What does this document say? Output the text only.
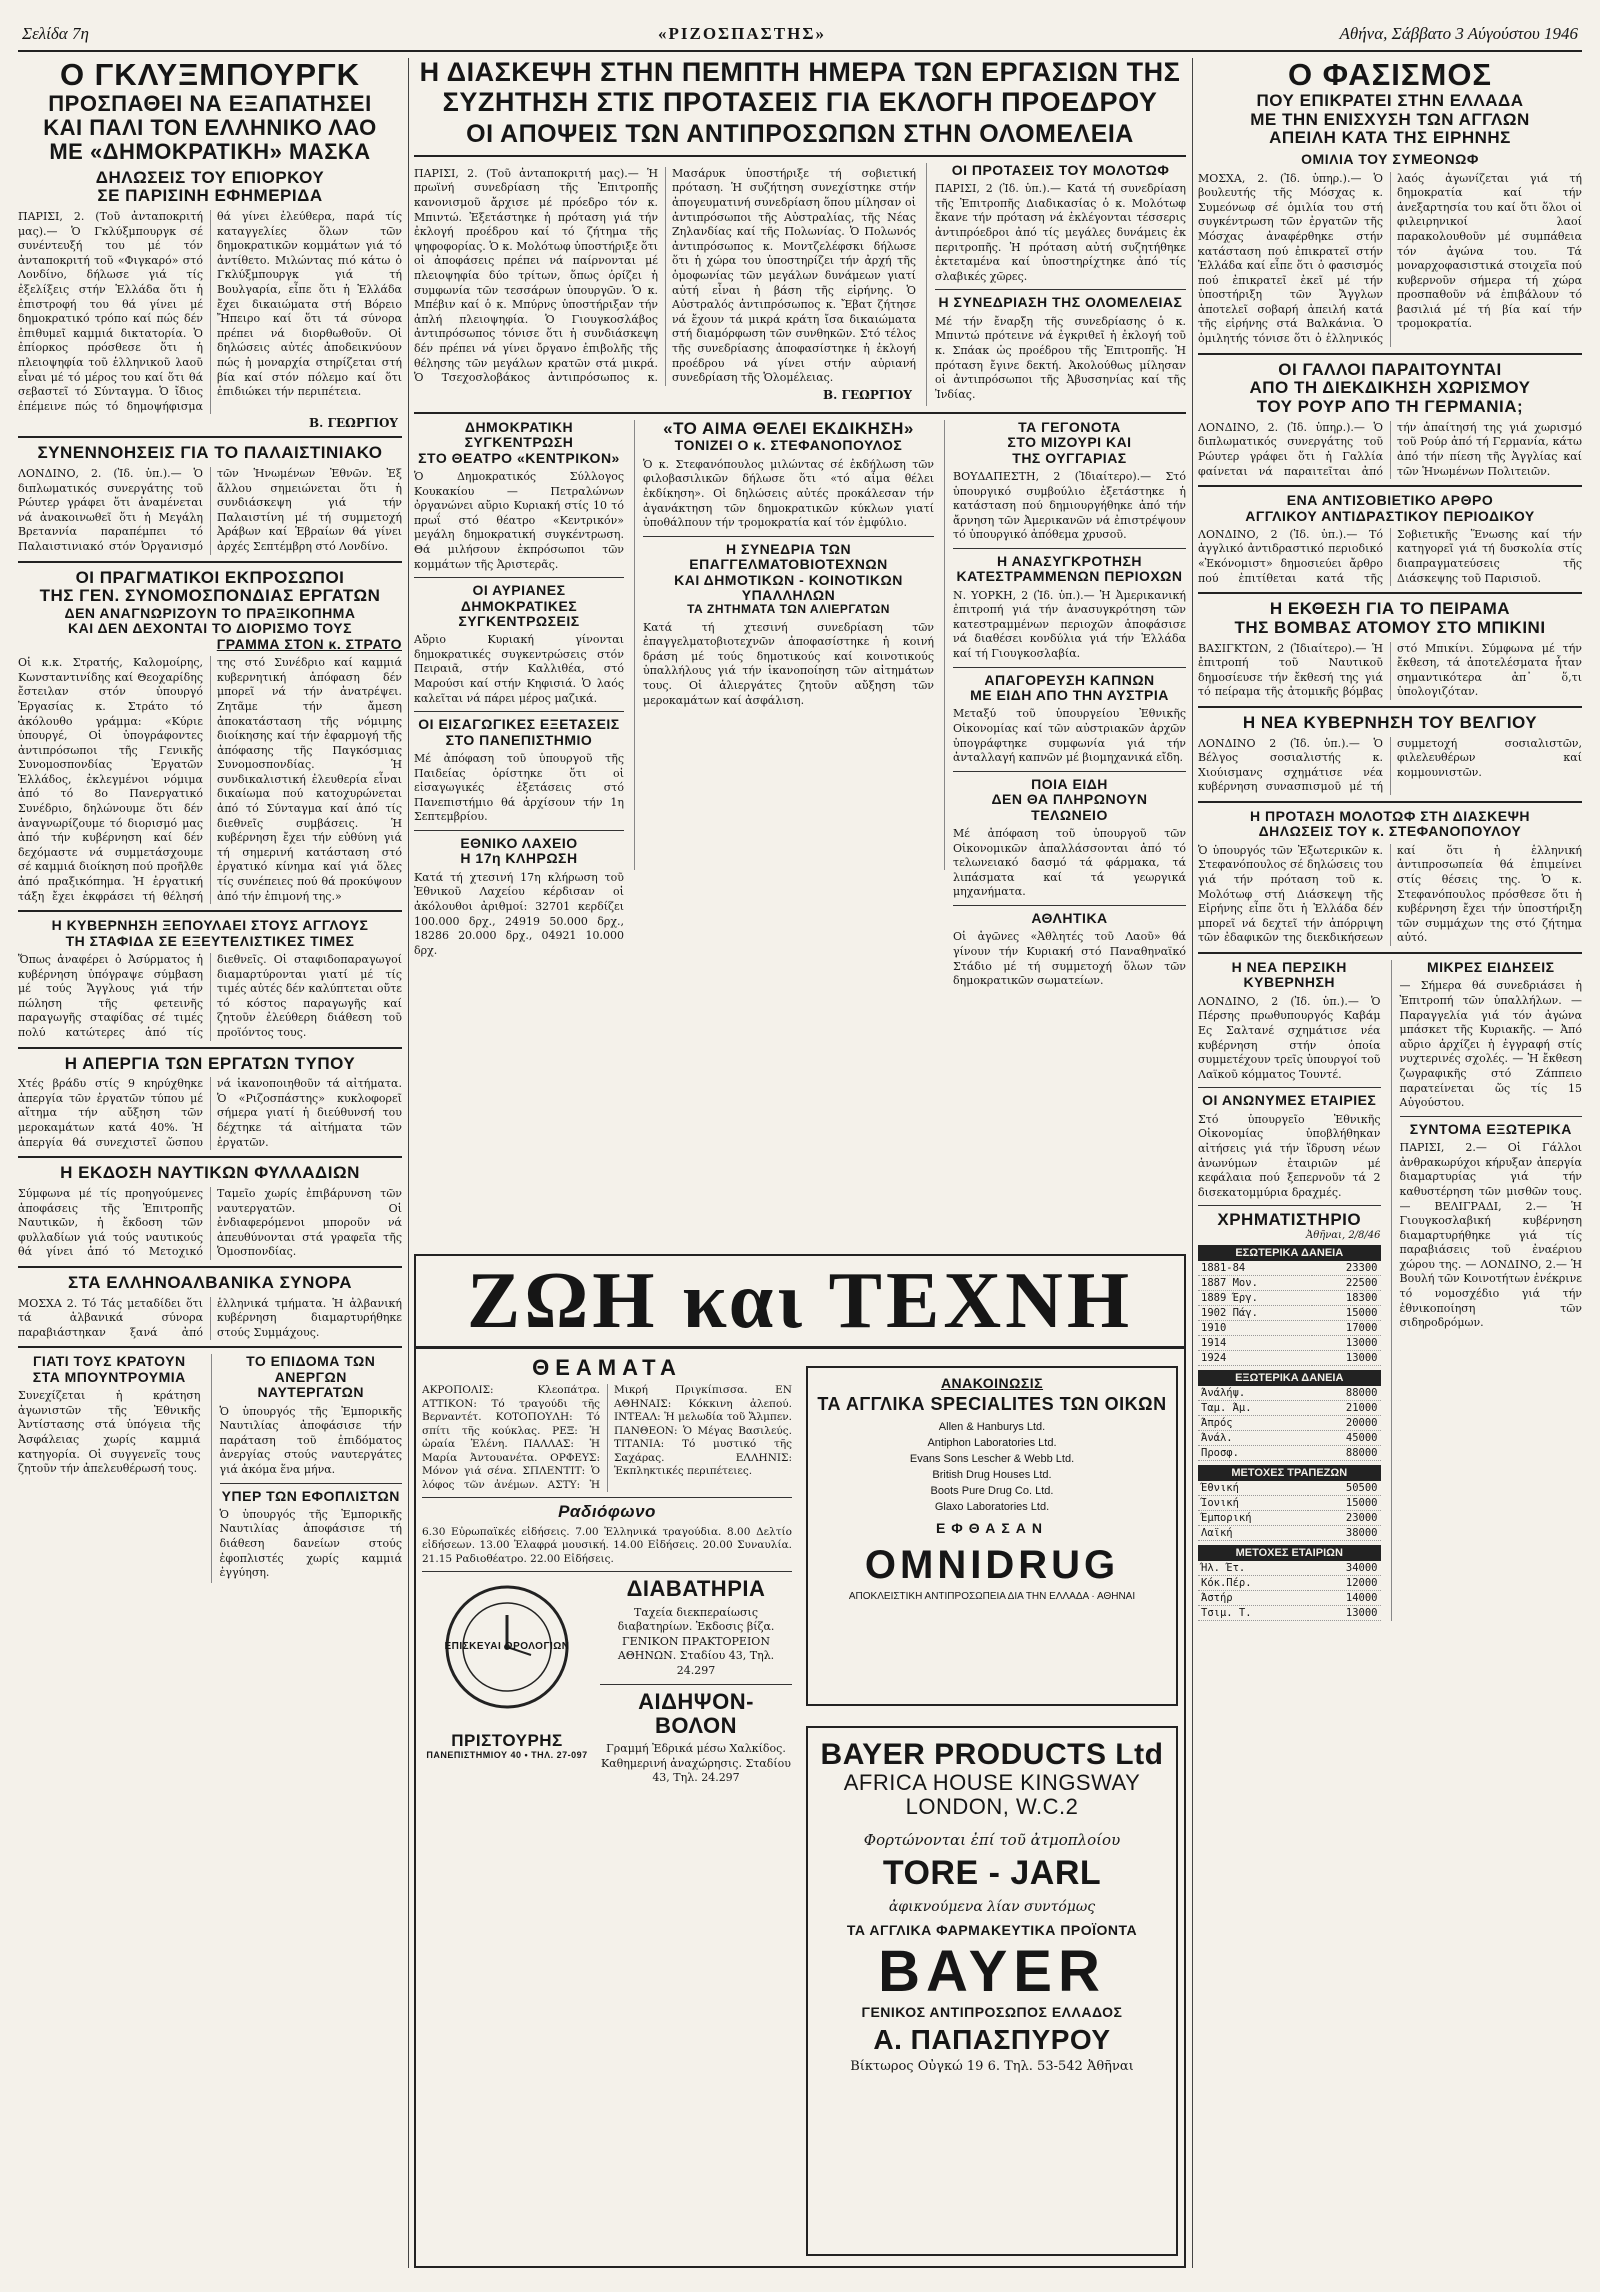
Σελίδα 7η	«ΡΙΖΟΣΠΑΣΤΗΣ»	Αθήνα, Σάββατο 3 Αύγούστου 1946
Ο ΓΚΛΥΞΜΠΟΥΡΓΚ
ΠΡΟΣΠΑΘΕΙ ΝΑ ΕΞΑΠΑΤΗΣΕΙ
ΚΑΙ ΠΑΛΙ ΤΟΝ ΕΛΛΗΝΙΚΟ ΛΑΟ
ΜΕ «ΔΗΜΟΚΡΑΤΙΚΗ» ΜΑΣΚΑ
ΔΗΛΩΣΕΙΣ ΤΟΥ ΕΠΙΟΡΚΟΥ
ΣΕ ΠΑΡΙΣΙΝΗ ΕΦΗΜΕΡΙΔΑ
ΠΑΡΙΣΙ, 2. (Τοῦ ἀνταποκριτή μας).— Ὁ Γκλύξμπουργκ σέ συνέντευξή του μέ τόν ἀνταποκριτή τοῦ «Φιγκαρό» στό Λονδίνο, δήλωσε γιά τίς ἐξελίξεις στήν Ἑλλάδα ὅτι ἡ ἐπιστροφή του θά γίνει μέ δημοκρατικό τρόπο καί πώς δέν ἐπιθυμεῖ καμμιά δικτατορία. Ὁ ἐπίορκος πρόσθεσε ὅτι ἡ πλειοψηφία τοῦ ἑλληνικοῦ λαοῦ εἶναι μέ τό μέρος του καί ὅτι θά σεβαστεῖ τό Σύνταγμα. Ὁ ἴδιος ἐπέμεινε πώς τό δημοψήφισμα θά γίνει ἐλεύθερα, παρά τίς καταγγελίες ὅλων τῶν δημοκρατικῶν κομμάτων γιά τό ἀντίθετο. Μιλώντας πιό κάτω ὁ Γκλύξμπουργκ γιά τή Βουλγαρία, εἶπε ὅτι ἡ Ἑλλάδα ἔχει δικαιώματα στή Βόρειο Ἤπειρο καί ὅτι τά σύνορα πρέπει νά διορθωθοῦν. Οἱ δηλώσεις αὐτές ἀποδεικνύουν πώς ἡ μοναρχία στηρίζεται στή βία καί στόν πόλεμο καί ὅτι ἐπιδιώκει τήν περιπέτεια.
Β. ΓΕΩΡΓΙΟΥ
ΣΥΝΕΝΝΟΗΣΕΙΣ ΓΙΑ ΤΟ ΠΑΛΑΙΣΤΙΝΙΑΚΟ
ΛΟΝΔΙΝΟ, 2. (Ἰδ. ὑπ.).— Ὁ διπλωματικός συνεργάτης τοῦ Ρώυτερ γράφει ὅτι ἀναμένεται νά ἀνακοινωθεῖ ὅτι ἡ Μεγάλη Βρεταννία παραπέμπει τό Παλαιστινιακό στόν Ὀργανισμό τῶν Ἡνωμένων Ἐθνῶν. Ἐξ ἄλλου σημειώνεται ὅτι ἡ συνδιάσκεψη γιά τήν Παλαιστίνη μέ τή συμμετοχή Ἀράβων καί Ἑβραίων θά γίνει ἀρχές Σεπτέμβρη στό Λονδίνο.
ΟΙ ΠΡΑΓΜΑΤΙΚΟΙ ΕΚΠΡΟΣΩΠΟΙ
ΤΗΣ ΓΕΝ. ΣΥΝΟΜΟΣΠΟΝΔΙΑΣ ΕΡΓΑΤΩΝ
ΔΕΝ ΑΝΑΓΝΩΡΙΖΟΥΝ ΤΟ ΠΡΑΞΙΚΟΠΗΜΑ
ΚΑΙ ΔΕΝ ΔΕΧΟΝΤΑΙ ΤΟ ΔΙΟΡΙΣΜΟ ΤΟΥΣ
ΓΡΑΜΜΑ ΣΤΟΝ κ. ΣΤΡΑΤΟ
Οἱ κ.κ. Στρατής, Καλομοίρης, Κωνσταντινίδης καί Θεοχαρίδης ἔστειλαν στόν ὑπουργό Ἐργασίας κ. Στράτο τό ἀκόλουθο γράμμα: «Κύριε ὑπουργέ, Οἱ ὑπογράφοντες ἀντιπρόσωποι τῆς Γενικῆς Συνομοσπονδίας Ἐργατῶν Ἑλλάδος, ἐκλεγμένοι νόμιμα ἀπό τό 8ο Πανεργατικό Συνέδριο, δηλώνουμε ὅτι δέν ἀναγνωρίζουμε τό διορισμό μας ἀπό τήν κυβέρνηση καί δέν δεχόμαστε νά συμμετάσχουμε σέ καμμιά διοίκηση πού προῆλθε ἀπό πραξικόπημα. Ἡ ἐργατική τάξη ἔχει ἐκφράσει τή θέλησή της στό Συνέδριο καί καμμιά κυβερνητική ἀπόφαση δέν μπορεῖ νά τήν ἀνατρέψει. Ζητᾶμε τήν ἄμεση ἀποκατάσταση τῆς νόμιμης διοίκησης καί τήν ἐφαρμογή τῆς ἀπόφασης τῆς Παγκόσμιας Συνομοσπονδίας. Ἡ συνδικαλιστική ἐλευθερία εἶναι δικαίωμα πού κατοχυρώνεται ἀπό τό Σύνταγμα καί ἀπό τίς διεθνεῖς συμβάσεις. Ἡ κυβέρνηση ἔχει τήν εὐθύνη γιά τή σημερινή κατάσταση στό ἐργατικό κίνημα καί γιά ὅλες τίς συνέπειες πού θά προκύψουν ἀπό τήν ἐπιμονή της.»
Η ΚΥΒΕΡΝΗΣΗ ΞΕΠΟΥΛΑΕΙ ΣΤΟΥΣ ΑΓΓΛΟΥΣ
ΤΗ ΣΤΑΦΙΔΑ ΣΕ ΕΞΕΥΤΕΛΙΣΤΙΚΕΣ ΤΙΜΕΣ
Ὅπως ἀναφέρει ὁ Ἀσύρματος ἡ κυβέρνηση ὑπόγραψε σύμβαση μέ τούς Ἄγγλους γιά τήν πώληση τῆς φετεινῆς παραγωγῆς σταφίδας σέ τιμές πολύ κατώτερες ἀπό τίς διεθνεῖς. Οἱ σταφιδοπαραγωγοί διαμαρτύρονται γιατί μέ τίς τιμές αὐτές δέν καλύπτεται οὔτε τό κόστος παραγωγῆς καί ζητοῦν ἐλεύθερη διάθεση τοῦ προϊόντος τους.
Η ΑΠΕΡΓΙΑ ΤΩΝ ΕΡΓΑΤΩΝ ΤΥΠΟΥ
Χτές βράδυ στίς 9 κηρύχθηκε ἀπεργία τῶν ἐργατῶν τύπου μέ αἴτημα τήν αὔξηση τῶν μεροκαμάτων κατά 40%. Ἡ ἀπεργία θά συνεχιστεῖ ὥσπου νά ἱκανοποιηθοῦν τά αἰτήματα. Ὁ «Ριζοσπάστης» κυκλοφορεῖ σήμερα γιατί ἡ διεύθυνσή του δέχτηκε τά αἰτήματα τῶν ἐργατῶν.
Η ΕΚΔΟΣΗ ΝΑΥΤΙΚΩΝ ΦΥΛΛΑΔΙΩΝ
Σύμφωνα μέ τίς προηγούμενες ἀποφάσεις τῆς Ἐπιτροπῆς Ναυτικῶν, ἡ ἔκδοση τῶν φυλλαδίων γιά τούς ναυτικούς θά γίνει ἀπό τό Μετοχικό Ταμεῖο χωρίς ἐπιβάρυνση τῶν ναυτεργατῶν. Οἱ ἐνδιαφερόμενοι μποροῦν νά ἀπευθύνονται στά γραφεῖα τῆς Ὁμοσπονδίας.
ΣΤΑ ΕΛΛΗΝΟΑΛΒΑΝΙΚΑ ΣΥΝΟΡΑ
ΜΟΣΧΑ 2. Τό Τάς μεταδίδει ὅτι τά ἀλβανικά σύνορα παραβιάστηκαν ξανά ἀπό ἑλληνικά τμήματα. Ἡ ἀλβανική κυβέρνηση διαμαρτυρήθηκε στούς Συμμάχους.
ΓΙΑΤΙ ΤΟΥΣ ΚΡΑΤΟΥΝ
ΣΤΑ ΜΠΟΥΝΤΡΟΥΜΙΑ
Συνεχίζεται ἡ κράτηση ἀγωνιστῶν τῆς Ἐθνικῆς Ἀντίστασης στά ὑπόγεια τῆς Ἀσφάλειας χωρίς καμμιά κατηγορία. Οἱ συγγενεῖς τους ζητοῦν τήν ἀπελευθέρωσή τους.
ΤΟ ΕΠΙΔΟΜΑ ΤΩΝ ΑΝΕΡΓΩΝ ΝΑΥΤΕΡΓΑΤΩΝ
Ὁ ὑπουργός τῆς Ἐμπορικῆς Ναυτιλίας ἀποφάσισε τήν παράταση τοῦ ἐπιδόματος ἀνεργίας στούς ναυτεργάτες γιά ἀκόμα ἕνα μήνα.
ΥΠΕΡ ΤΩΝ ΕΦΟΠΛΙΣΤΩΝ
Ὁ ὑπουργός τῆς Ἐμπορικῆς Ναυτιλίας ἀποφάσισε τή διάθεση δανείων στούς ἐφοπλιστές χωρίς καμμιά ἐγγύηση.
Η ΔΙΑΣΚΕΨΗ ΣΤΗΝ ΠΕΜΠΤΗ ΗΜΕΡΑ ΤΩΝ ΕΡΓΑΣΙΩΝ ΤΗΣ
ΣΥΖΗΤΗΣΗ ΣΤΙΣ ΠΡΟΤΑΣΕΙΣ ΓΙΑ ΕΚΛΟΓΗ ΠΡΟΕΔΡΟΥ
ΟΙ ΑΠΟΨΕΙΣ ΤΩΝ ΑΝΤΙΠΡΟΣΩΠΩΝ ΣΤΗΝ ΟΛΟΜΕΛΕΙΑ
ΠΑΡΙΣΙ, 2. (Τοῦ ἀνταποκριτή μας).— Ἡ πρωϊνή συνεδρίαση τῆς Ἐπιτροπῆς κανονισμοῦ ἄρχισε μέ πρόεδρο τόν κ. Μπιντώ. Ἐξετάστηκε ἡ πρόταση γιά τήν ἐκλογή προέδρου καί τό ζήτημα τῆς ψηφοφορίας. Ὁ κ. Μολότωφ ὑποστήριξε ὅτι οἱ ἀποφάσεις πρέπει νά παίρνονται μέ πλειοψηφία δύο τρίτων, ὅπως ὁρίζει ἡ συμφωνία τῶν τεσσάρων ὑπουργῶν. Ὁ κ. Μπέβιν καί ὁ κ. Μπύρνς ὑποστήριξαν τήν ἁπλή πλειοψηφία. Ὁ Γιουγκοσλάβος ἀντιπρόσωπος τόνισε ὅτι ἡ συνδιάσκεψη δέν πρέπει νά γίνει ὄργανο ἐπιβολῆς τῆς θέλησης τῶν μεγάλων κρατῶν στά μικρά. Ὁ Τσεχοσλοβάκος ἀντιπρόσωπος κ. Μασάρυκ ὑποστήριξε τή σοβιετική πρόταση. Ἡ συζήτηση συνεχίστηκε στήν ἀπογευματινή συνεδρίαση ὅπου μίλησαν οἱ ἀντιπρόσωποι τῆς Αὐστραλίας, τῆς Νέας Ζηλανδίας καί τῆς Πολωνίας. Ὁ Πολωνός ἀντιπρόσωπος κ. Μοντζελέφσκι δήλωσε ὅτι ἡ χώρα του ὑποστηρίζει τήν ἀρχή τῆς ὁμοφωνίας τῶν μεγάλων δυνάμεων γιατί αὐτή εἶναι ἡ βάση τῆς εἰρήνης. Ὁ Αὐστραλός ἀντιπρόσωπος κ. Ἔβατ ζήτησε νά ἔχουν τά μικρά κράτη ἴσα δικαιώματα στή διαμόρφωση τῶν συνθηκῶν. Στό τέλος τῆς συνεδρίασης ἀποφασίστηκε ἡ ἐκλογή προέδρου νά γίνει στήν αὐριανή συνεδρίαση τῆς Ὁλομέλειας.
Β. ΓΕΩΡΓΙΟΥ
ΟΙ ΠΡΟΤΑΣΕΙΣ ΤΟΥ ΜΟΛΟΤΩΦ
ΠΑΡΙΣΙ, 2 (Ἰδ. ὑπ.).— Κατά τή συνεδρίαση τῆς Ἐπιτροπῆς Διαδικασίας ὁ κ. Μολότωφ ἔκανε τήν πρόταση νά ἐκλέγονται τέσσερις ἀντιπρόεδροι ἀπό τίς μεγάλες δυνάμεις ἐκ περιτροπῆς. Ἡ πρόταση αὐτή συζητήθηκε ἐκτεταμένα καί ὑποστηρίχτηκε ἀπό τίς σλαβικές χῶρες.
Η ΣΥΝΕΔΡΙΑΣΗ ΤΗΣ ΟΛΟΜΕΛΕΙΑΣ
Μέ τήν ἔναρξη τῆς συνεδρίασης ὁ κ. Μπιντώ πρότεινε νά ἐγκριθεῖ ἡ ἐκλογή τοῦ κ. Σπάακ ὡς προέδρου τῆς Ἐπιτροπῆς. Ἡ πρόταση ἔγινε δεκτή. Ἀκολούθως μίλησαν οἱ ἀντιπρόσωποι τῆς Ἀβυσσηνίας καί τῆς Ἰνδίας.
ΔΗΜΟΚΡΑΤΙΚΗ ΣΥΓΚΕΝΤΡΩΣΗ
ΣΤΟ ΘΕΑΤΡΟ «ΚΕΝΤΡΙΚΟΝ»
Ὁ Δημοκρατικός Σύλλογος Κουκακίου — Πετραλώνων ὀργανώνει αὔριο Κυριακή στίς 10 τό πρωΐ στό θέατρο «Κεντρικόν» μεγάλη δημοκρατική συγκέντρωση. Θά μιλήσουν ἐκπρόσωποι τῶν κομμάτων τῆς Ἀριστερᾶς.
ΟΙ ΑΥΡΙΑΝΕΣ ΔΗΜΟΚΡΑΤΙΚΕΣ ΣΥΓΚΕΝΤΡΩΣΕΙΣ
Αὔριο Κυριακή γίνονται δημοκρατικές συγκεντρώσεις στόν Πειραιᾶ, στήν Καλλιθέα, στό Μαρούσι καί στήν Κηφισιά. Ὁ λαός καλεῖται νά πάρει μέρος μαζικά.
ΟΙ ΕΙΣΑΓΩΓΙΚΕΣ ΕΞΕΤΑΣΕΙΣ ΣΤΟ ΠΑΝΕΠΙΣΤΗΜΙΟ
Μέ ἀπόφαση τοῦ ὑπουργοῦ τῆς Παιδείας ὁρίστηκε ὅτι οἱ εἰσαγωγικές ἐξετάσεις στό Πανεπιστήμιο θά ἀρχίσουν τήν 1η Σεπτεμβρίου.
ΕΘΝΙΚΟ ΛΑΧΕΙΟ
Η 17η ΚΛΗΡΩΣΗ
Κατά τή χτεσινή 17η κλήρωση τοῦ Ἐθνικοῦ Λαχείου κέρδισαν οἱ ἀκόλουθοι ἀριθμοί: 32701 κερδίζει 100.000 δρχ., 24919 50.000 δρχ., 18286 20.000 δρχ., 04921 10.000 δρχ.
«ΤΟ ΑΙΜΑ ΘΕΛΕΙ ΕΚΔΙΚΗΣΗ»
ΤΟΝΙΖΕΙ Ο κ. ΣΤΕΦΑΝΟΠΟΥΛΟΣ
Ὁ κ. Στεφανόπουλος μιλώντας σέ ἐκδήλωση τῶν φιλοβασιλικῶν δήλωσε ὅτι «τό αἷμα θέλει ἐκδίκηση». Οἱ δηλώσεις αὐτές προκάλεσαν τήν ἀγανάκτηση τῶν δημοκρατικῶν κύκλων γιατί ὑποθάλπουν τήν τρομοκρατία καί τόν ἐμφύλιο.
Η ΣΥΝΕΔΡΙΑ ΤΩΝ ΕΠΑΓΓΕΛΜΑΤΟΒΙΟΤΕΧΝΩΝ
ΚΑΙ ΔΗΜΟΤΙΚΩΝ - ΚΟΙΝΟΤΙΚΩΝ ΥΠΑΛΛΗΛΩΝ
ΤΑ ΖΗΤΗΜΑΤΑ ΤΩΝ ΑΛΙΕΡΓΑΤΩΝ
Κατά τή χτεσινή συνεδρίαση τῶν ἐπαγγελματοβιοτεχνῶν ἀποφασίστηκε ἡ κοινή δράση μέ τούς δημοτικούς καί κοινοτικούς ὑπαλλήλους γιά τήν ἱκανοποίηση τῶν αἰτημάτων τους. Οἱ ἁλιεργάτες ζητοῦν αὔξηση τῶν μεροκαμάτων καί ἀσφάλιση.
ΤΑ ΓΕΓΟΝΟΤΑ
ΣΤΟ ΜΙΖΟΥΡΙ ΚΑΙ
ΤΗΣ ΟΥΓΓΑΡΙΑΣ
ΒΟΥΔΑΠΕΣΤΗ, 2 (Ἰδιαίτερο).— Στό ὑπουργικό συμβούλιο ἐξετάστηκε ἡ κατάσταση πού δημιουργήθηκε ἀπό τήν ἄρνηση τῶν Ἀμερικανῶν νά ἐπιστρέψουν τό ὑπουργικό ἀπόθεμα χρυσοῦ.
Η ΑΝΑΣΥΓΚΡΟΤΗΣΗ
ΚΑΤΕΣΤΡΑΜΜΕΝΩΝ ΠΕΡΙΟΧΩΝ
Ν. ΥΟΡΚΗ, 2 (Ἰδ. ὑπ.).— Ἡ Ἀμερικανική ἐπιτροπή γιά τήν ἀνασυγκρότηση τῶν κατεστραμμένων περιοχῶν ἀποφάσισε νά διαθέσει κονδύλια γιά τήν Ἑλλάδα καί τή Γιουγκοσλαβία.
ΑΠΑΓΟΡΕΥΣΗ ΚΑΠΝΩΝ
ΜΕ ΕΙΔΗ ΑΠΟ ΤΗΝ ΑΥΣΤΡΙΑ
Μεταξύ τοῦ ὑπουργείου Ἐθνικῆς Οἰκονομίας καί τῶν αὐστριακῶν ἀρχῶν ὑπογράφτηκε συμφωνία γιά τήν ἀνταλλαγή καπνῶν μέ βιομηχανικά εἴδη.
ΠΟΙΑ ΕΙΔΗ
ΔΕΝ ΘΑ ΠΛΗΡΩΝΟΥΝ
ΤΕΛΩΝΕΙΟ
Μέ ἀπόφαση τοῦ ὑπουργοῦ τῶν Οἰκονομικῶν ἀπαλλάσσονται ἀπό τό τελωνειακό δασμό τά φάρμακα, τά λιπάσματα καί τά γεωργικά μηχανήματα.
ΑΘΛΗΤΙΚΑ
Οἱ ἀγῶνες «Ἀθλητές τοῦ Λαοῦ» θά γίνουν τήν Κυριακή στό Παναθηναϊκό Στάδιο μέ τή συμμετοχή ὅλων τῶν δημοκρατικῶν σωματείων.
ΖΩΗ και ΤΕΧΝΗ
ΘΕΑΜΑΤΑ
ΑΚΡΟΠΟΛΙΣ: Κλεοπάτρα. ΑΤΤΙΚΟΝ: Τό τραγούδι τῆς Βερναντέτ. ΚΟΤΟΠΟΥΛΗ: Τό σπίτι τῆς κούκλας. ΡΕΞ: Ἡ ὡραία Ἑλένη. ΠΑΛΛΑΣ: Ἡ Μαρία Ἀντουανέτα. ΟΡΦΕΥΣ: Μόνον γιά σένα. ΣΠΛΕΝΤΙΤ: Ὁ λόφος τῶν ἀνέμων. ΑΣΤΥ: Ἡ Μικρή Πριγκίπισσα. ΕΝ ΑΘΗΝΑΙΣ: Κόκκινη ἀλεπού. ΙΝΤΕΑΛ: Ἡ μελωδία τοῦ Ἄλμπεν. ΠΑΝΘΕΟΝ: Ὁ Μέγας Βασιλεύς. ΤΙΤΑΝΙΑ: Τό μυστικό τῆς Σαχάρας. ΕΛΛΗΝΙΣ: Ἐκπληκτικές περιπέτειες.
Ραδιόφωνο
6.30 Εὐρωπαϊκές εἰδήσεις. 7.00 Ἑλληνικά τραγούδια. 8.00 Δελτίο εἰδήσεων. 13.00 Ἐλαφρά μουσική. 14.00 Εἰδήσεις. 20.00 Συναυλία. 21.15 Ραδιοθέατρο. 22.00 Εἰδήσεις.
ΕΠΙΣΚΕΥΑΙ ΩΡΟΛΟΓΙΩΝ
ΠΡΙΣΤΟΥΡΗΣ
ΠΑΝΕΠΙΣΤΗΜΙΟΥ 40 • ΤΗΛ. 27-097
ΔΙΑΒΑΤΗΡΙΑ
Ταχεία διεκπεραίωσις διαβατηρίων. Ἐκδοσις βίζα. ΓΕΝΙΚΟΝ ΠΡΑΚΤΟΡΕΙΟΝ ΑΘΗΝΩΝ. Σταδίου 43, Τηλ. 24.297
ΑΙΔΗΨΟΝ-ΒΟΛΟΝ
Γραμμή Ἐδρικά μέσω Χαλκίδος. Καθημερινή ἀναχώρησις. Σταδίου 43, Τηλ. 24.297
ΑΝΑΚΟΙΝΩΣΙΣ
ΤΑ ΑΓΓΛΙΚΑ SPECIALITES ΤΩΝ ΟΙΚΩΝ
Allen & Hanburys Ltd.
Antiphon Laboratories Ltd.
Evans Sons Lescher & Webb Ltd.
British Drug Houses Ltd.
Boots Pure Drug Co. Ltd.
Glaxo Laboratories Ltd.
ΕΦΘΑΣΑΝ
OMNIDRUG
ΑΠΟΚΛΕΙΣΤΙΚΗ ΑΝΤΙΠΡΟΣΩΠΕΙΑ ΔΙΑ ΤΗΝ ΕΛΛΑΔΑ · ΑΘΗΝΑΙ
BAYER PRODUCTS Ltd
AFRICA HOUSE KINGSWAY
LONDON, W.C.2
Φορτώνονται ἐπί τοῦ ἀτμοπλοίου
TORE - JARL
ἀφικνούμενα λίαν συντόμως
ΤΑ ΑΓΓΛΙΚΑ ΦΑΡΜΑΚΕΥΤΙΚΑ ΠΡΟΪΟΝΤΑ
BAYER
ΓΕΝΙΚΟΣ ΑΝΤΙΠΡΟΣΩΠΟΣ ΕΛΛΑΔΟΣ
Α. ΠΑΠΑΣΠΥΡΟΥ
Βίκτωρος Οὐγκώ 19 6. Τηλ. 53-542 Ἀθῆναι
Ο ΦΑΣΙΣΜΟΣ
ΠΟΥ ΕΠΙΚΡΑΤΕΙ ΣΤΗΝ ΕΛΛΑΔΑ
ΜΕ ΤΗΝ ΕΝΙΣΧΥΣΗ ΤΩΝ ΑΓΓΛΩΝ
ΑΠΕΙΛΗ ΚΑΤΑ ΤΗΣ ΕΙΡΗΝΗΣ
ΟΜΙΛΙΑ ΤΟΥ ΣΥΜΕΟΝΩΦ
ΜΟΣΧΑ, 2. (Ἰδ. ὑπηρ.).— Ὁ βουλευτής τῆς Μόσχας κ. Συμεόνωφ σέ ὁμιλία του στή συγκέντρωση τῶν ἐργατῶν τῆς Μόσχας ἀναφέρθηκε στήν κατάσταση πού ἐπικρατεῖ στήν Ἑλλάδα καί εἶπε ὅτι ὁ φασισμός πού ἐπικρατεῖ ἐκεῖ μέ τήν ὑποστήριξη τῶν Ἄγγλων ἀποτελεῖ σοβαρή ἀπειλή κατά τῆς εἰρήνης στά Βαλκάνια. Ὁ ὁμιλητής τόνισε ὅτι ὁ ἑλληνικός λαός ἀγωνίζεται γιά τή δημοκρατία καί τήν ἀνεξαρτησία του καί ὅτι ὅλοι οἱ φιλειρηνικοί λαοί παρακολουθοῦν μέ συμπάθεια τόν ἀγώνα του. Τά μοναρχοφασιστικά στοιχεῖα πού κυβερνοῦν σήμερα τή χώρα προσπαθοῦν νά ἐπιβάλουν τό βασιλιά μέ τή βία καί τήν τρομοκρατία.
ΟΙ ΓΑΛΛΟΙ ΠΑΡΑΙΤΟΥΝΤΑΙ
ΑΠΟ ΤΗ ΔΙΕΚΔΙΚΗΣΗ ΧΩΡΙΣΜΟΥ
ΤΟΥ ΡΟΥΡ ΑΠΟ ΤΗ ΓΕΡΜΑΝΙΑ;
ΛΟΝΔΙΝΟ, 2. (Ἰδ. ὑπηρ.).— Ὁ διπλωματικός συνεργάτης τοῦ Ρώυτερ γράφει ὅτι ἡ Γαλλία φαίνεται νά παραιτεῖται ἀπό τήν ἀπαίτησή της γιά χωρισμό τοῦ Ρούρ ἀπό τή Γερμανία, κάτω ἀπό τήν πίεση τῆς Ἀγγλίας καί τῶν Ἡνωμένων Πολιτειῶν.
ΕΝΑ ΑΝΤΙΣΟΒΙΕΤΙΚΟ ΑΡΘΡΟ
ΑΓΓΛΙΚΟΥ ΑΝΤΙΔΡΑΣΤΙΚΟΥ ΠΕΡΙΟΔΙΚΟΥ
ΛΟΝΔΙΝΟ, 2 (Ἰδ. ὑπ.).— Τό ἀγγλικό ἀντιδραστικό περιοδικό «Ἐκόνομιστ» δημοσιεύει ἄρθρο πού ἐπιτίθεται κατά τῆς Σοβιετικῆς Ἕνωσης καί τήν κατηγορεῖ γιά τή δυσκολία στίς διαπραγματεύσεις τῆς Διάσκεψης τοῦ Παρισιοῦ.
Η ΕΚΘΕΣΗ ΓΙΑ ΤΟ ΠΕΙΡΑΜΑ
ΤΗΣ ΒΟΜΒΑΣ ΑΤΟΜΟΥ ΣΤΟ ΜΠΙΚΙΝΙ
ΒΑΣΙΓΚΤΩΝ, 2 (Ἰδιαίτερο).— Ἡ ἐπιτροπή τοῦ Ναυτικοῦ δημοσίευσε τήν ἔκθεσή της γιά τό πείραμα τῆς ἀτομικῆς βόμβας στό Μπικίνι. Σύμφωνα μέ τήν ἔκθεση, τά ἀποτελέσματα ἦταν σημαντικότερα ἀπ᾽ ὅ,τι ὑπολογιζόταν.
Η ΝΕΑ ΚΥΒΕΡΝΗΣΗ ΤΟΥ ΒΕΛΓΙΟΥ
ΛΟΝΔΙΝΟ 2 (Ἰδ. ὑπ.).— Ὁ Βέλγος σοσιαλιστής κ. Χιούισμανς σχημάτισε νέα κυβέρνηση συνασπισμοῦ μέ τή συμμετοχή σοσιαλιστῶν, φιλελευθέρων καί κομμουνιστῶν.
Η ΠΡΟΤΑΣΗ ΜΟΛΟΤΩΦ ΣΤΗ ΔΙΑΣΚΕΨΗ
ΔΗΛΩΣΕΙΣ ΤΟΥ κ. ΣΤΕΦΑΝΟΠΟΥΛΟΥ
Ὁ ὑπουργός τῶν Ἐξωτερικῶν κ. Στεφανόπουλος σέ δηλώσεις του γιά τήν πρόταση τοῦ κ. Μολότωφ στή Διάσκεψη τῆς Εἰρήνης εἶπε ὅτι ἡ Ἑλλάδα δέν μπορεῖ νά δεχτεῖ τήν ἀπόρριψη τῶν ἐδαφικῶν της διεκδικήσεων καί ὅτι ἡ ἑλληνική ἀντιπροσωπεία θά ἐπιμείνει στίς θέσεις της. Ὁ κ. Στεφανόπουλος πρόσθεσε ὅτι ἡ κυβέρνηση ἔχει τήν ὑποστήριξη τῶν συμμάχων της στό ζήτημα αὐτό.
Η ΝΕΑ ΠΕΡΣΙΚΗ ΚΥΒΕΡΝΗΣΗ
ΛΟΝΔΙΝΟ, 2 (Ἰδ. ὑπ.).— Ὁ Πέρσης πρωθυπουργός Καβάμ Ες Σαλτανέ σχημάτισε νέα κυβέρνηση στήν ὁποία συμμετέχουν τρεῖς ὑπουργοί τοῦ Λαϊκοῦ κόμματος Τουντέ.
ΟΙ ΑΝΩΝΥΜΕΣ ΕΤΑΙΡΙΕΣ
Στό ὑπουργεῖο Ἐθνικῆς Οἰκονομίας ὑποβλήθηκαν αἰτήσεις γιά τήν ἵδρυση νέων ἀνωνύμων ἑταιριῶν μέ κεφάλαια πού ξεπερνοῦν τά 2 δισεκατομμύρια δραχμές.
ΧΡΗΜΑΤΙΣΤΗΡΙΟ
Ἀθῆναι, 2/8/46
ΕΣΩΤΕΡΙΚΑ ΔΑΝΕΙΑ
1881-84	23300
1887 Μον.	22500
1889 Έργ.	18300
1902 Πάγ.	15000
1910	17000
1914	13000
1924	13000
ΕΞΩΤΕΡΙΚΑ ΔΑΝΕΙΑ
Άνάλήψ.	88000
Ταμ. Άμ.	21000
Άπρός	20000
Άνάλ.	45000
Προσφ.	88000
ΜΕΤΟΧΕΣ ΤΡΑΠΕΖΩΝ
Έθνική	50500
Ίονική	15000
Έμπορική	23000
Λαϊκή	38000
ΜΕΤΟΧΕΣ ΕΤΑΙΡΙΩΝ
Ήλ. Έτ.	34000
Κόκ.Πέρ.	12000
Άστήρ	14000
Τσιμ. Τ.	13000
ΜΙΚΡΕΣ ΕΙΔΗΣΕΙΣ
— Σήμερα θά συνεδριάσει ἡ Ἐπιτροπή τῶν ὑπαλλήλων. — Παραγγελία γιά τόν ἀγώνα μπάσκετ τῆς Κυριακῆς. — Ἀπό αὔριο ἀρχίζει ἡ ἐγγραφή στίς νυχτερινές σχολές. — Ἡ ἔκθεση ζωγραφικῆς στό Ζάππειο παρατείνεται ὥς τίς 15 Αὐγούστου.
ΣΥΝΤΟΜΑ ΕΞΩΤΕΡΙΚΑ
ΠΑΡΙΣΙ, 2.— Οἱ Γάλλοι ἀνθρακωρύχοι κήρυξαν ἀπεργία διαμαρτυρίας γιά τήν καθυστέρηση τῶν μισθῶν τους. — ΒΕΛΙΓΡΑΔΙ, 2.— Ἡ Γιουγκοσλαβική κυβέρνηση διαμαρτυρήθηκε γιά τίς παραβιάσεις τοῦ ἐναέριου χώρου της. — ΛΟΝΔΙΝΟ, 2.— Ἡ Βουλή τῶν Κοινοτήτων ἐνέκρινε τό νομοσχέδιο γιά τήν ἐθνικοποίηση τῶν σιδηροδρόμων.
